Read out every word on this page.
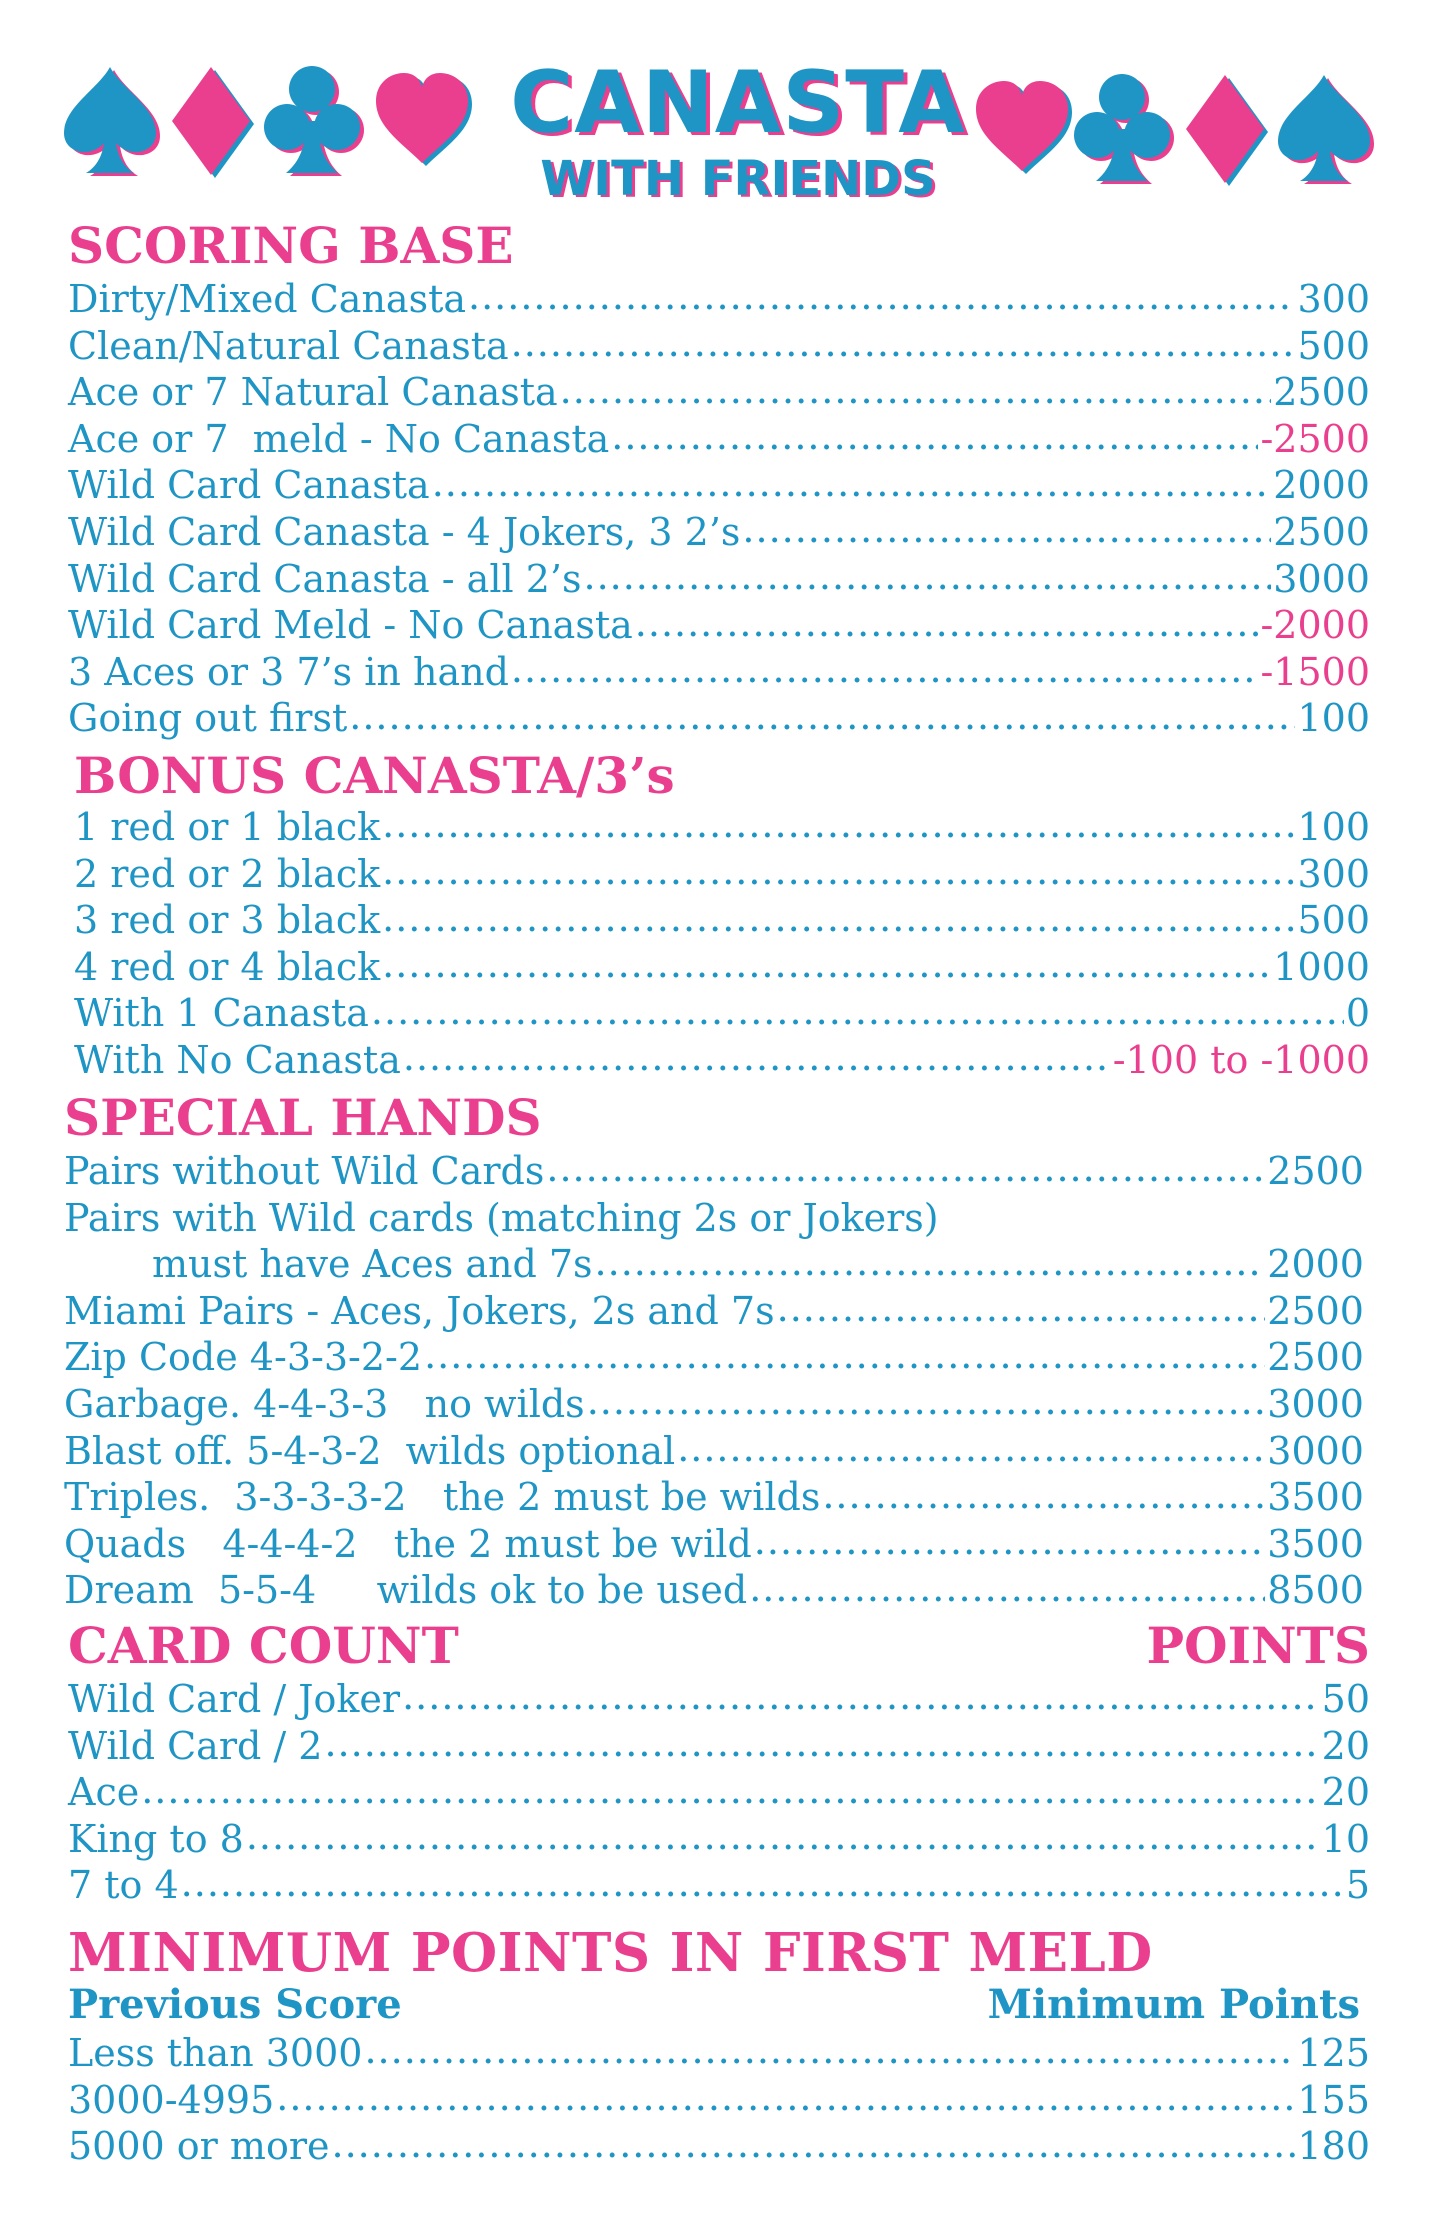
CANASTA
WITH FRIENDS
SCORING BASE
Dirty/Mixed Canasta .....	300
Clean/Natural Canasta .....	500
Ace or 7 Natural Canasta .....	2500
Ace or 7  meld - No Canasta .....	-2500
Wild Card Canasta .....	2000
Wild Card Canasta - 4 Jokers, 3 2’s .....	2500
Wild Card Canasta - all 2’s .....	3000
Wild Card Meld - No Canasta .....	-2000
3 Aces or 3 7’s in hand .....	-1500
Going out first .....	100
BONUS CANASTA/3’s
1 red or 1 black .....	100
2 red or 2 black .....	300
3 red or 3 black .....	500
4 red or 4 black .....	1000
With 1 Canasta .....	0
With No Canasta .....	-100 to -1000
SPECIAL HANDS
Pairs without Wild Cards .....	2500
Pairs with Wild cards (matching 2s or Jokers)
must have Aces and 7s .....	2000
Miami Pairs - Aces, Jokers, 2s and 7s .....	2500
Zip Code 4-3-3-2-2 .....	2500
Garbage. 4-4-3-3   no wilds .....	3000
Blast off. 5-4-3-2  wilds optional .....	3000
Triples.  3-3-3-3-2   the 2 must be wilds .....	3500
Quads   4-4-4-2   the 2 must be wild .....	3500
Dream  5-5-4     wilds ok to be used .....	8500
CARD COUNT	POINTS
Wild Card / Joker .....	50
Wild Card / 2 .....	20
Ace .....	20
King to 8 .....	10
7 to 4 .....	5
MINIMUM POINTS IN FIRST MELD
Previous Score	Minimum Points
Less than 3000 .....	125
3000-4995 .....	155
5000 or more .....	180
